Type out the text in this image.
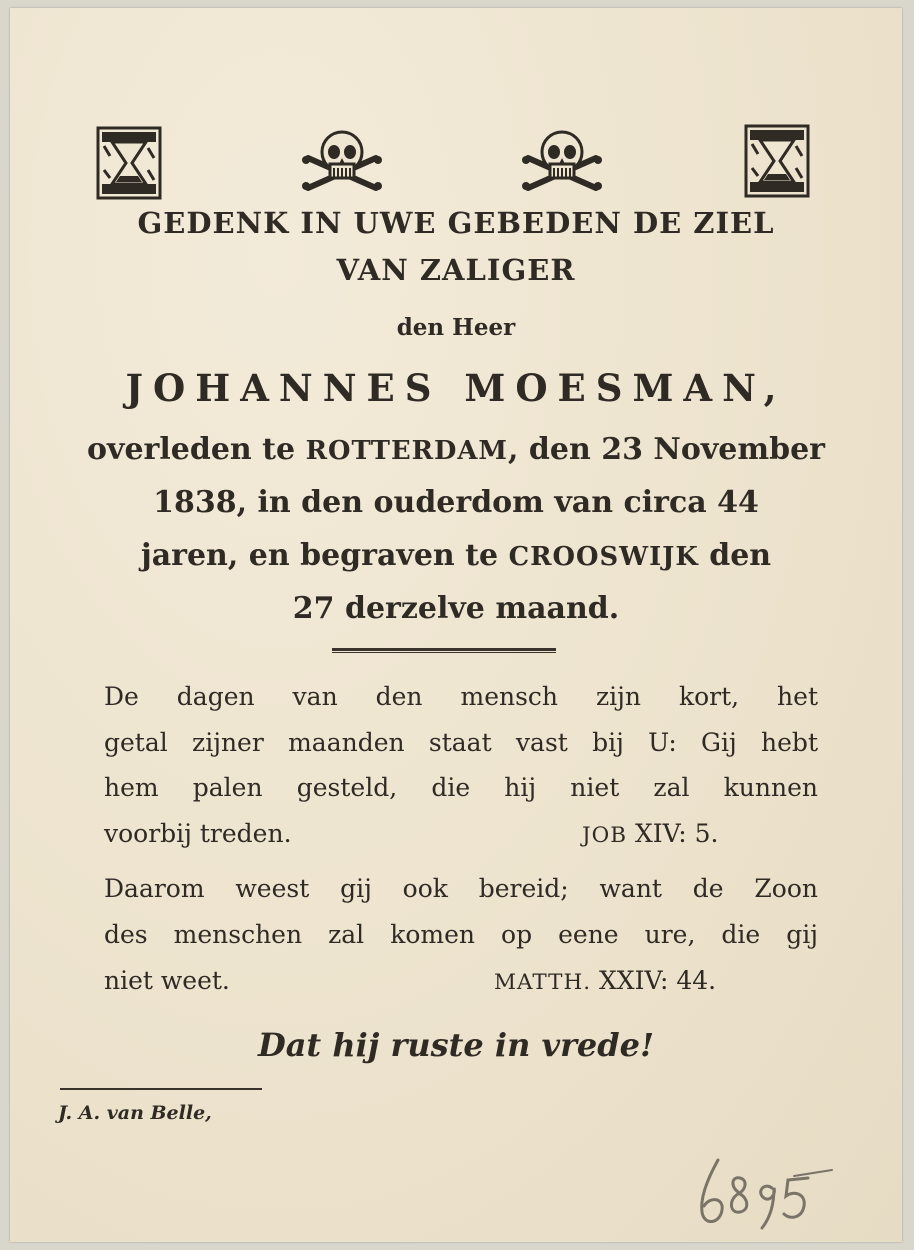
GEDENK IN UWE GEBEDEN DE ZIEL
VAN ZALIGER
den Heer
JOHANNES MOESMAN,
overleden te ROTTERDAM, den 23 November
1838, in den ouderdom van circa 44
jaren, en begraven te CROOSWIJK den
27 derzelve maand.
De dagen van den mensch zijn kort, het
getal zijner maanden staat vast bij U: Gij hebt
hem palen gesteld, die hij niet zal kunnen
voorbij treden.	JOB XIV: 5.
Daarom weest gij ook bereid; want de Zoon
des menschen zal komen op eene ure, die gij
niet weet.	MATTH. XXIV: 44.
Dat hij ruste in vrede!
J. A. van Belle,
